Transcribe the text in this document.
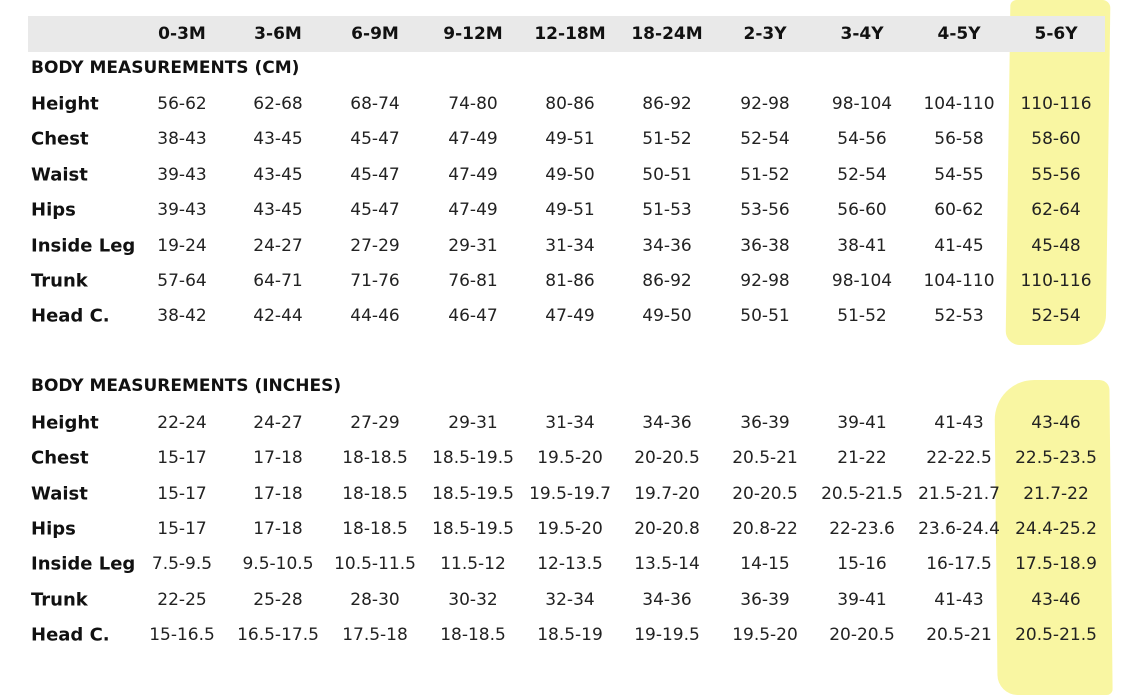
0-3M	3-6M	6-9M	9-12M 12-18M 18-24M 2-3Y	3-4Y	4-5Y	5-6Y
BODY MEASUREMENTS (CM)
Height	56-62	62-68	68-74	74-80	80-86	86-92	92-98 98-104 104-110 110-116
Chest	38-43	43-45	45-47	47-49	49-51	51-52	52-54	54-56	56-58	58-60
Waist	39-43	43-45	45-47	47-49	49-50	50-51	51-52	52-54	54-55	55-56
Hips	39-43	43-45	45-47	47-49	49-51	51-53	53-56	56-60	60-62	62-64
Inside Leg 19-24	24-27	27-29	29-31	31-34	34-36	36-38	38-41	41-45	45-48
Trunk	57-64	64-71	71-76	76-81	81-86	86-92	92-98 98-104 104-110 110-116
Head C.	38-42	42-44	44-46	46-47	47-49	49-50	50-51	51-52	52-53	52-54
BODY MEASUREMENTS (INCHES)
Height	22-24	24-27	27-29	29-31	31-34	34-36	36-39	39-41	41-43	43-46
Chest	15-17	17-18 18-18.5 18.5-19.5 19.5-20 20-20.5 20.5-21 21-22 22-22.5 22.5-23.5
Waist	15-17	17-18 18-18.5 18.5-19.5 19.5-19.7 19.7-20 20-20.5 20.5-21.5 21.5-21.7 21.7-22
Hips	15-17	17-18 18-18.5 18.5-19.5 19.5-20 20-20.8 20.8-22 22-23.6 23.6-24.4 24.4-25.2
Inside Leg 7.5-9.5 9.5-10.5 10.5-11.5 11.5-12 12-13.5 13.5-14 14-15	15-16 16-17.5 17.5-18.9
Trunk	22-25	25-28	28-30	30-32	32-34	34-36	36-39	39-41	41-43	43-46
Head C. 15-16.5 16.5-17.5 17.5-18 18-18.5 18.5-19 19-19.5 19.5-20 20-20.5 20.5-21 20.5-21.5
